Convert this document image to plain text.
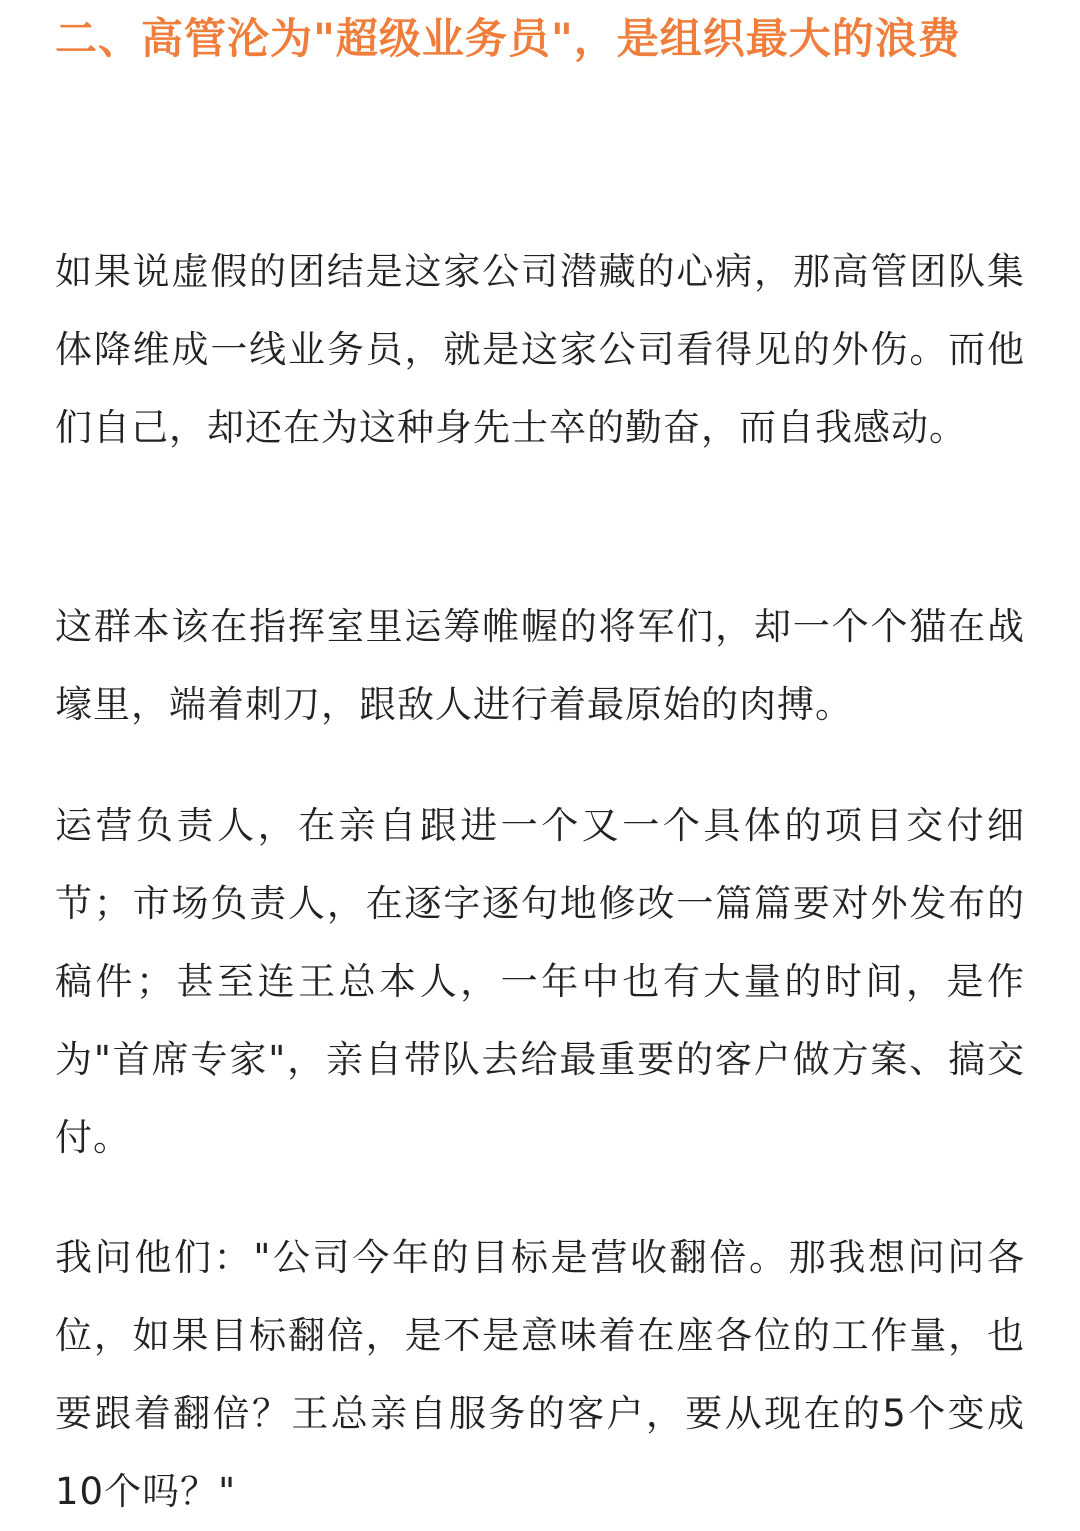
二、高管沦为"超级业务员"，是组织最大的浪费

如果说虚假的团结是这家公司潜藏的心病，那高管团队集体降维成一线业务员，就是这家公司看得见的外伤。而他们自己，却还在为这种身先士卒的勤奋，而自我感动。

这群本该在指挥室里运筹帷幄的将军们，却一个个猫在战壕里，端着刺刀，跟敌人进行着最原始的肉搏。

运营负责人，在亲自跟进一个又一个具体的项目交付细节；市场负责人，在逐字逐句地修改一篇篇要对外发布的稿件；甚至连王总本人，一年中也有大量的时间，是作为"首席专家"，亲自带队去给最重要的客户做方案、搞交付。

我问他们："公司今年的目标是营收翻倍。那我想问问各位，如果目标翻倍，是不是意味着在座各位的工作量，也要跟着翻倍？王总亲自服务的客户，要从现在的5个变成10个吗？"
